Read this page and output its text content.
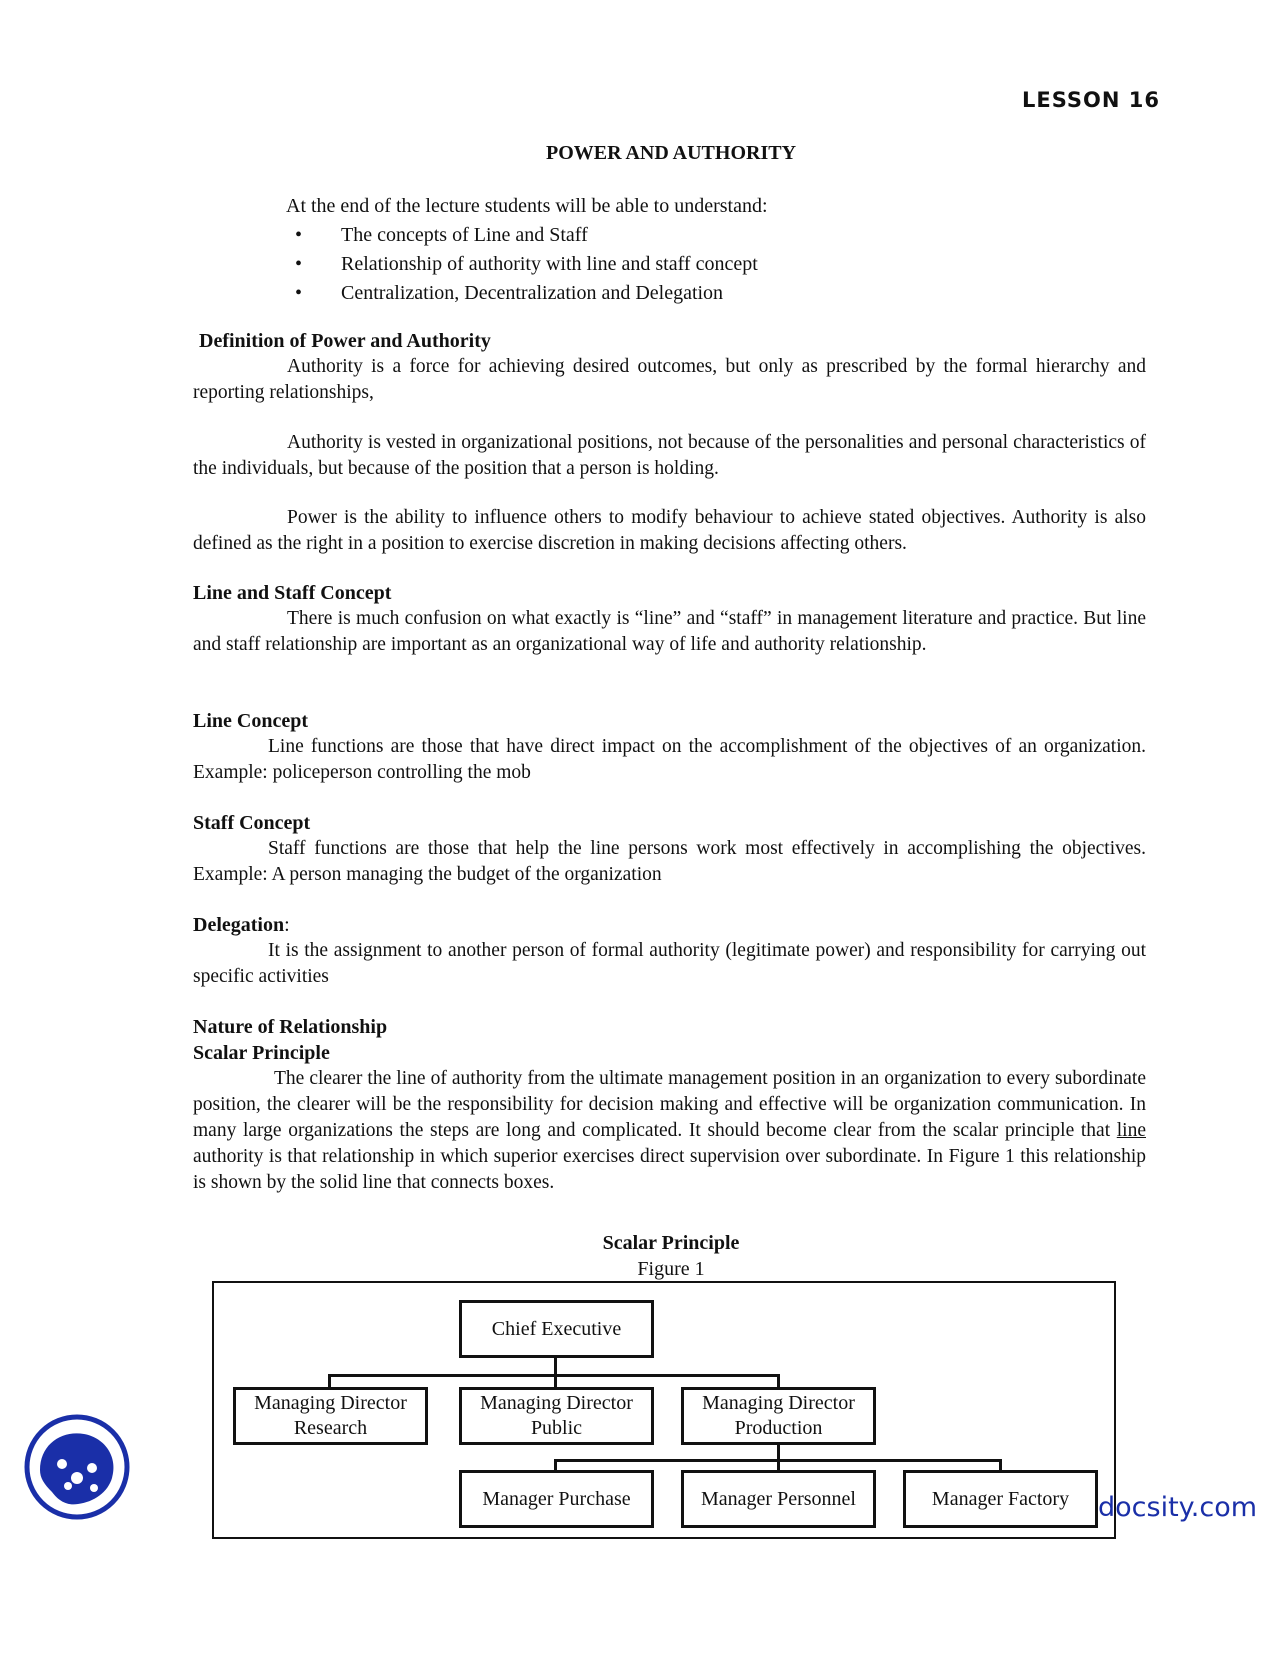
LESSON 16
POWER AND AUTHORITY
At the end of the lecture students will be able to understand:
• The concepts of Line and Staff
• Relationship of authority with line and staff concept
• Centralization, Decentralization and Delegation
Definition of Power and Authority

Authority is a force for achieving desired outcomes, but only as prescribed by the formal hierarchy and reporting relationships,

Authority is vested in organizational positions, not because of the personalities and personal characteristics of the individuals, but because of the position that a person is holding.

Power is the ability to influence others to modify behaviour to achieve stated objectives. Authority is also defined as the right in a position to exercise discretion in making decisions affecting others.

Line and Staff Concept

There is much confusion on what exactly is “line” and “staff” in management literature and practice. But line and staff relationship are important as an organizational way of life and authority relationship.

Line Concept

Line functions are those that have direct impact on the accomplishment of the objectives of an organization. Example: policeperson controlling the mob

Staff Concept

Staff functions are those that help the line persons work most effectively in accomplishing the objectives. Example: A person managing the budget of the organization

Delegation:

It is the assignment to another person of formal authority (legitimate power) and responsibility for carrying out specific activities

Nature of Relationship
Scalar Principle

The clearer the line of authority from the ultimate management position in an organization to every subordinate position, the clearer will be the responsibility for decision making and effective will be organization communication. In many large organizations the steps are long and complicated. It should become clear from the scalar principle that line authority is that relationship in which superior exercises direct supervision over subordinate. In Figure 1 this relationship is shown by the solid line that connects boxes.

Scalar Principle
Figure 1
Chief Executive
Managing Director Research
Managing Director Public
Managing Director Production
Manager Purchase	Manager Personnel	Manager Factory	docsity.com
